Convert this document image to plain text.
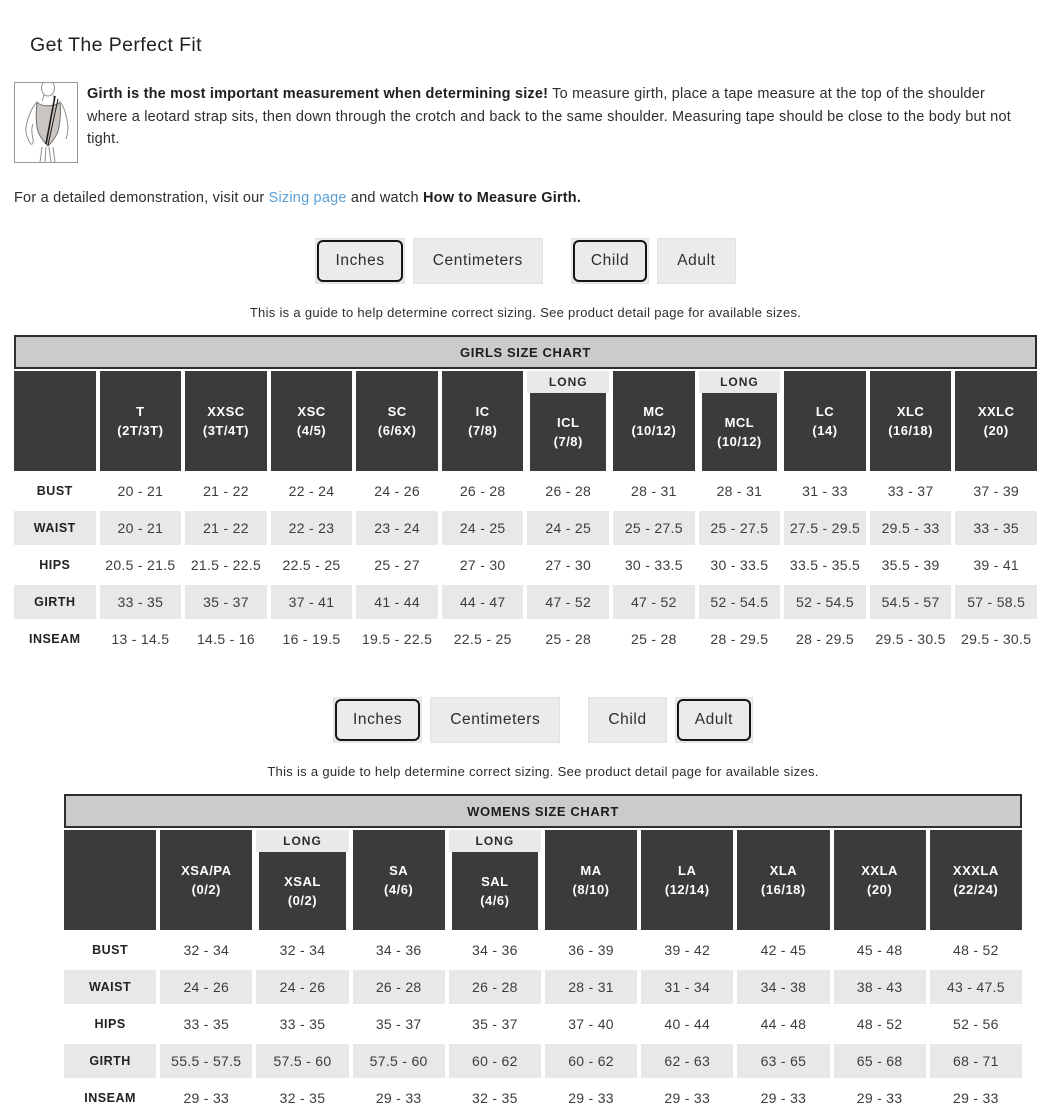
Get The Perfect Fit

Girth is the most important measurement when determining size! To measure girth, place a tape measure at the top of the shoulder where a leotard strap sits, then down through the crotch and back to the same shoulder. Measuring tape should be close to the body but not tight.

For a detailed demonstration, visit our Sizing page and watch How to Measure Girth.

Inches	Centimeters	Child	Adult
This is a guide to help determine correct sizing. See product detail page for available sizes.
GIRLS SIZE CHART

T
(2T/3T)

XXSC
(3T/4T)

XSC
(4/5)

SC
(6/6X)

IC
(7/8)

LONG
ICL
(7/8)

MC
(10/12)

LONG
MCL
(10/12)

LC
(14)

XLC
(16/18)

XXLC
(20)

BUST	20 - 21	21 - 22	22 - 24	24 - 26	26 - 28	26 - 28	28 - 31	28 - 31	31 - 33	33 - 37	37 - 39
WAIST	20 - 21	21 - 22	22 - 23	23 - 24	24 - 25	24 - 25	25 - 27.5	25 - 27.5	27.5 - 29.5	29.5 - 33	33 - 35
HIPS	20.5 - 21.5	21.5 - 22.5	22.5 - 25	25 - 27	27 - 30	27 - 30	30 - 33.5	30 - 33.5	33.5 - 35.5	35.5 - 39	39 - 41
GIRTH	33 - 35	35 - 37	37 - 41	41 - 44	44 - 47	47 - 52	47 - 52	52 - 54.5	52 - 54.5	54.5 - 57	57 - 58.5
INSEAM	13 - 14.5	14.5 - 16	16 - 19.5	19.5 - 22.5	22.5 - 25	25 - 28	25 - 28	28 - 29.5	28 - 29.5	29.5 - 30.5	29.5 - 30.5
Inches	Centimeters	Child	Adult
This is a guide to help determine correct sizing. See product detail page for available sizes.
WOMENS SIZE CHART

XSA/PA
(0/2)

LONG
XSAL
(0/2)

SA
(4/6)

LONG
SAL
(4/6)

MA
(8/10)

LA
(12/14)

XLA
(16/18)

XXLA
(20)

XXXLA
(22/24)

BUST	32 - 34	32 - 34	34 - 36	34 - 36	36 - 39	39 - 42	42 - 45	45 - 48	48 - 52
WAIST	24 - 26	24 - 26	26 - 28	26 - 28	28 - 31	31 - 34	34 - 38	38 - 43	43 - 47.5
HIPS	33 - 35	33 - 35	35 - 37	35 - 37	37 - 40	40 - 44	44 - 48	48 - 52	52 - 56
GIRTH	55.5 - 57.5	57.5 - 60	57.5 - 60	60 - 62	60 - 62	62 - 63	63 - 65	65 - 68	68 - 71
INSEAM	29 - 33	32 - 35	29 - 33	32 - 35	29 - 33	29 - 33	29 - 33	29 - 33	29 - 33
